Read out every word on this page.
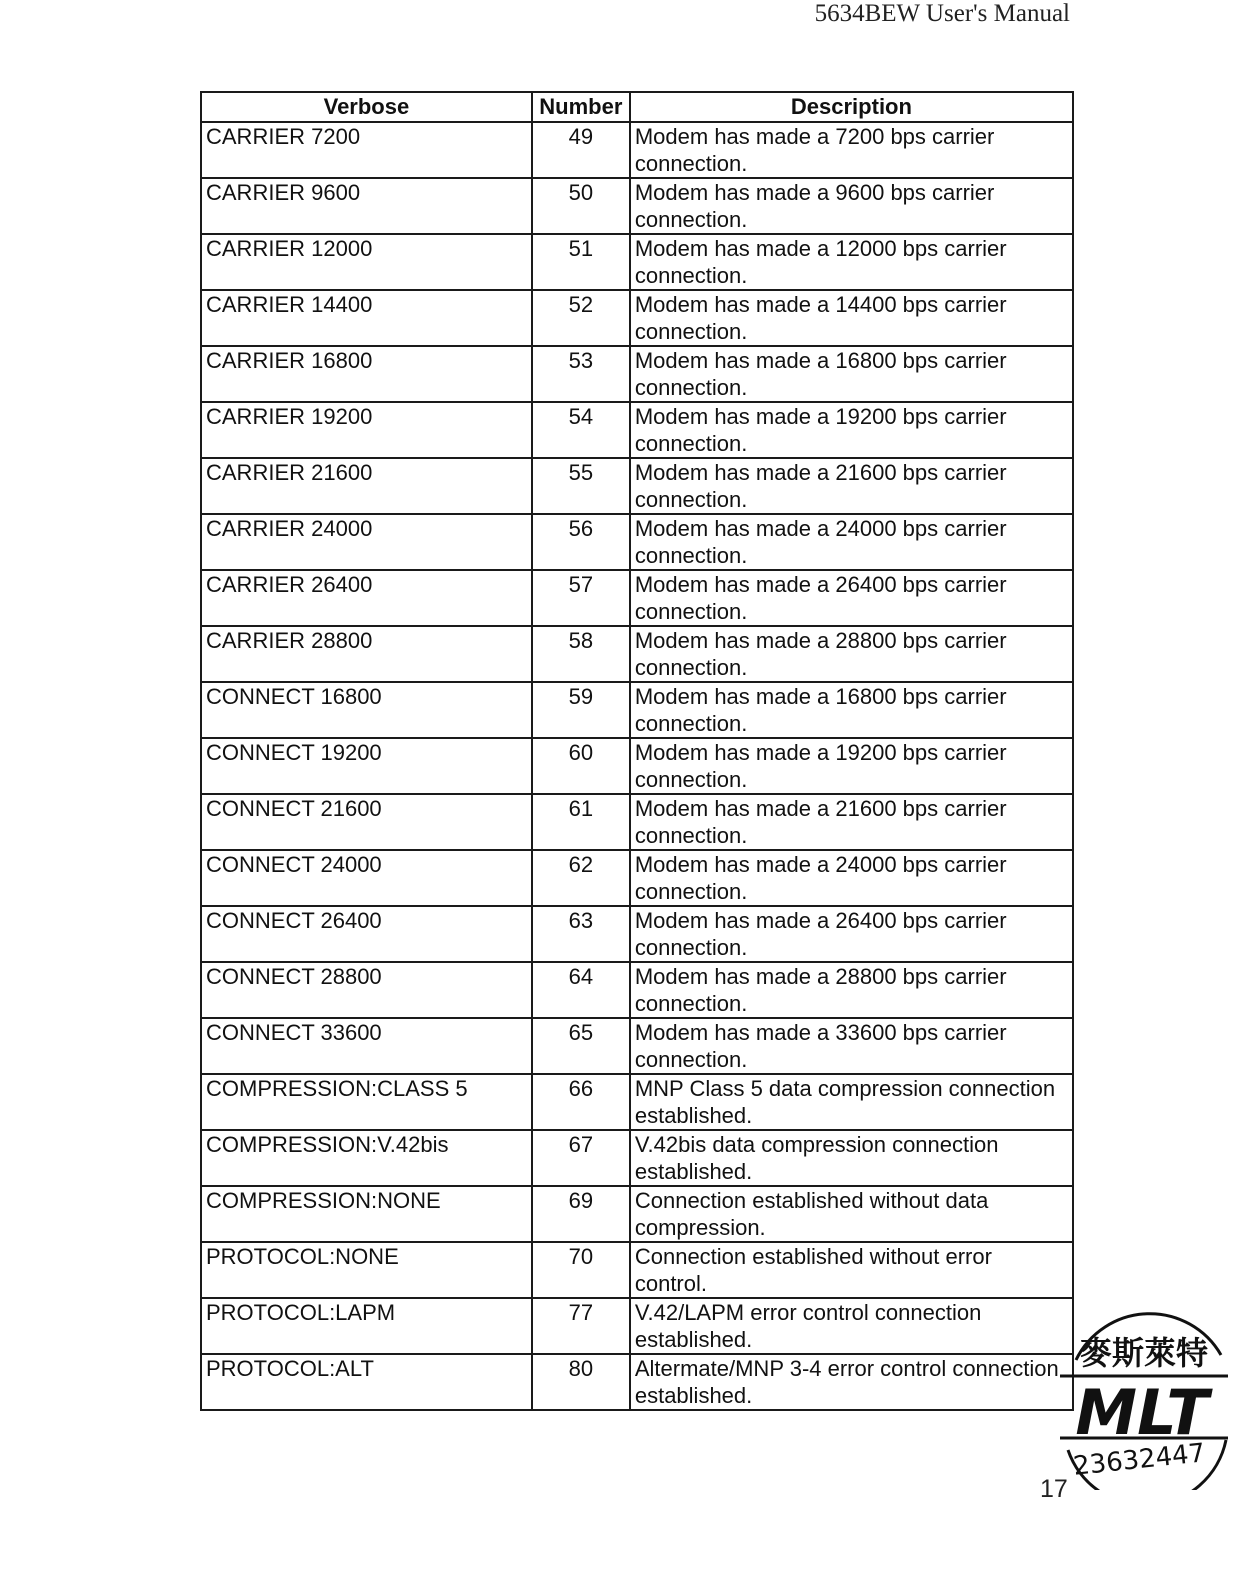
5634BEW User's Manual
Verbose	Number	Description
CARRIER 7200	49	Modem has made a 7200 bps carrier connection.
CARRIER 9600	50	Modem has made a 9600 bps carrier connection.
CARRIER 12000	51	Modem has made a 12000 bps carrier connection.
CARRIER 14400	52	Modem has made a 14400 bps carrier connection.
CARRIER 16800	53	Modem has made a 16800 bps carrier connection.
CARRIER 19200	54	Modem has made a 19200 bps carrier connection.
CARRIER 21600	55	Modem has made a 21600 bps carrier connection.
CARRIER 24000	56	Modem has made a 24000 bps carrier connection.
CARRIER 26400	57	Modem has made a 26400 bps carrier connection.
CARRIER 28800	58	Modem has made a 28800 bps carrier connection.
CONNECT 16800	59	Modem has made a 16800 bps carrier connection.
CONNECT 19200	60	Modem has made a 19200 bps carrier connection.
CONNECT 21600	61	Modem has made a 21600 bps carrier connection.
CONNECT 24000	62	Modem has made a 24000 bps carrier connection.
CONNECT 26400	63	Modem has made a 26400 bps carrier connection.
CONNECT 28800	64	Modem has made a 28800 bps carrier connection.
CONNECT 33600	65	Modem has made a 33600 bps carrier connection.
COMPRESSION:CLASS 5	66	MNP Class 5 data compression connection established.
COMPRESSION:V.42bis	67	V.42bis data compression connection established.
COMPRESSION:NONE	69	Connection established without data compression.
PROTOCOL:NONE	70	Connection established without error control.
PROTOCOL:LAPM	77	V.42/LAPM error control connection established.
PROTOCOL:ALT	80	Altermate/MNP 3-4 error control connection established.
17
麥斯萊特
MLT
23632447
